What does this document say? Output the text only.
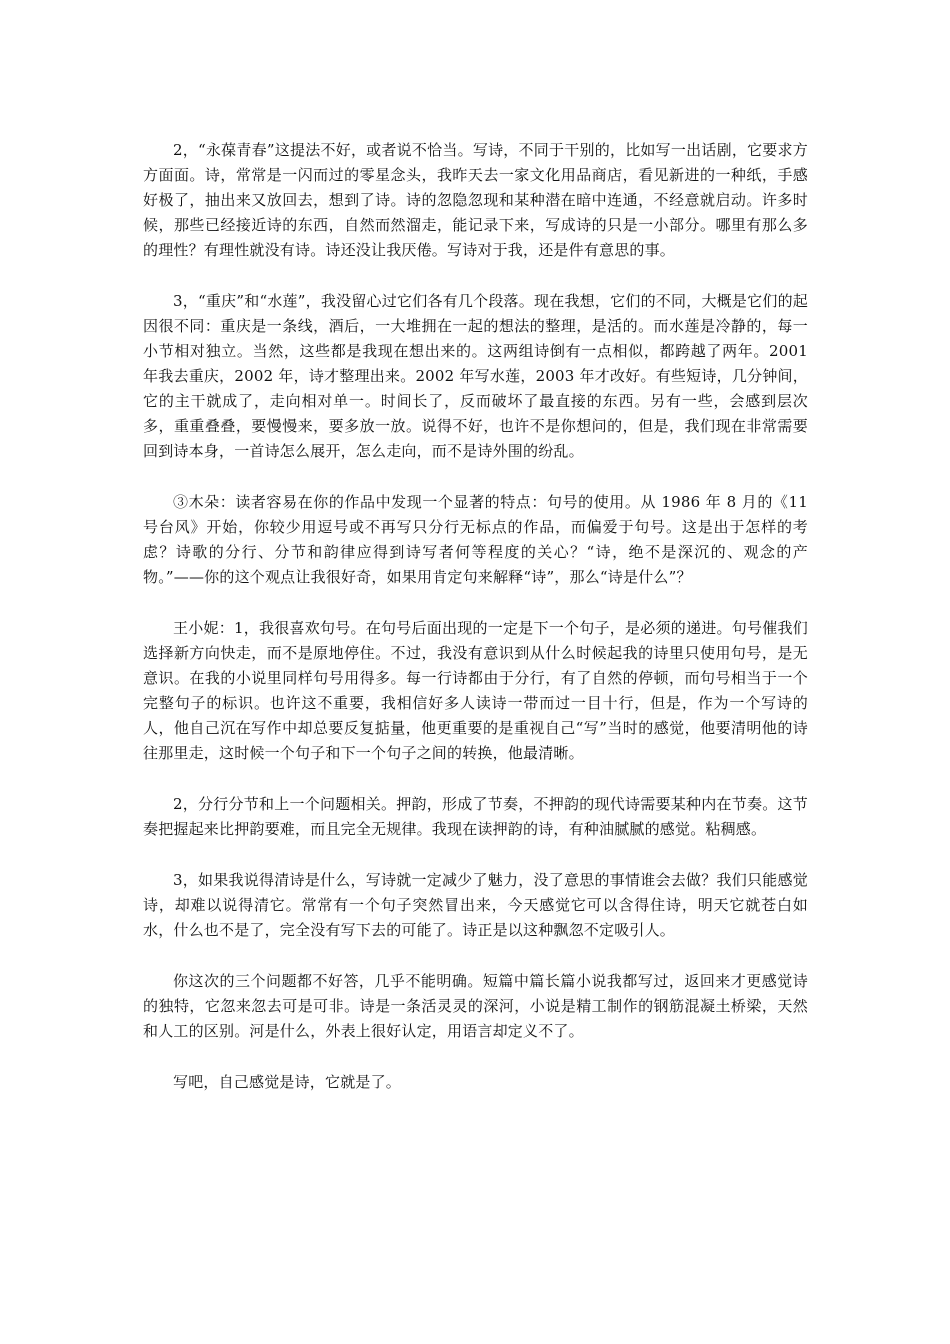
2，“永葆青春”这提法不好，或者说不恰当。写诗，不同于干别的，比如写一出话剧，它要求方方面面。诗，常常是一闪而过的零星念头，我昨天去一家文化用品商店，看见新进的一种纸，手感好极了，抽出来又放回去，想到了诗。诗的忽隐忽现和某种潜在暗中连通，不经意就启动。许多时候，那些已经接近诗的东西，自然而然溜走，能记录下来，写成诗的只是一小部分。哪里有那么多的理性？有理性就没有诗。诗还没让我厌倦。写诗对于我，还是件有意思的事。

3，“重庆”和“水莲”，我没留心过它们各有几个段落。现在我想，它们的不同，大概是它们的起因很不同：重庆是一条线，酒后，一大堆拥在一起的想法的整理，是活的。而水莲是冷静的，每一小节相对独立。当然，这些都是我现在想出来的。这两组诗倒有一点相似，都跨越了两年。2001 年我去重庆，2002 年，诗才整理出来。2002 年写水莲，2003 年才改好。有些短诗，几分钟间，它的主干就成了，走向相对单一。时间长了，反而破坏了最直接的东西。另有一些，会感到层次多，重重叠叠，要慢慢来，要多放一放。说得不好，也许不是你想问的，但是，我们现在非常需要回到诗本身，一首诗怎么展开，怎么走向，而不是诗外围的纷乱。

③木朵：读者容易在你的作品中发现一个显著的特点：句号的使用。从 1986 年 8 月的《11 号台风》开始，你较少用逗号或不再写只分行无标点的作品，而偏爱于句号。这是出于怎样的考虑？诗歌的分行、分节和韵律应得到诗写者何等程度的关心？“诗，绝不是深沉的、观念的产物。”——你的这个观点让我很好奇，如果用肯定句来解释“诗”，那么“诗是什么”？

王小妮：1，我很喜欢句号。在句号后面出现的一定是下一个句子，是必须的递进。句号催我们选择新方向快走，而不是原地停住。不过，我没有意识到从什么时候起我的诗里只使用句号，是无意识。在我的小说里同样句号用得多。每一行诗都由于分行，有了自然的停顿，而句号相当于一个完整句子的标识。也许这不重要，我相信好多人读诗一带而过一目十行，但是，作为一个写诗的人，他自己沉在写作中却总要反复掂量，他更重要的是重视自己“写”当时的感觉，他要清明他的诗往那里走，这时候一个句子和下一个句子之间的转换，他最清晰。

2，分行分节和上一个问题相关。押韵，形成了节奏，不押韵的现代诗需要某种内在节奏。这节奏把握起来比押韵要难，而且完全无规律。我现在读押韵的诗，有种油腻腻的感觉。粘稠感。

3，如果我说得清诗是什么，写诗就一定减少了魅力，没了意思的事情谁会去做？我们只能感觉诗，却难以说得清它。常常有一个句子突然冒出来，今天感觉它可以含得住诗，明天它就苍白如水，什么也不是了，完全没有写下去的可能了。诗正是以这种飘忽不定吸引人。

你这次的三个问题都不好答，几乎不能明确。短篇中篇长篇小说我都写过，返回来才更感觉诗的独特，它忽来忽去可是可非。诗是一条活灵灵的深河，小说是精工制作的钢筋混凝土桥梁，天然和人工的区别。河是什么，外表上很好认定，用语言却定义不了。

写吧，自己感觉是诗，它就是了。
